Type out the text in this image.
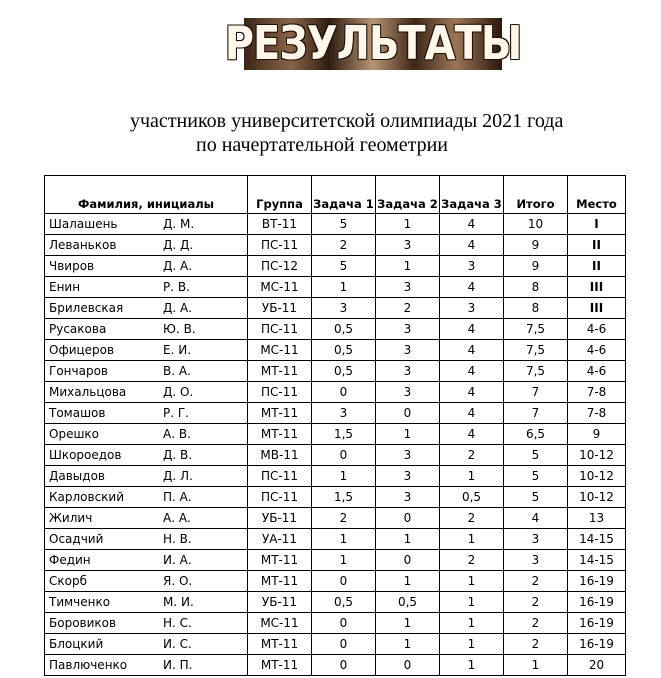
РЕЗУЛЬТАТЫ
участников университетской олимпиады 2021 года
по начертательной геометрии
Фамилия, инициалы	Группа	Задача 1	Задача 2	Задача 3	Итого	Место

Шалашень Д. М.	ВТ-11	5	1	4	10	I

Леваньков Д. Д.	ПС-11	2	3	4	9	II

Чвиров Д. А.	ПС-12	5	1	3	9	II

Енин Р. В.	МС-11	1	3	4	8	III

Брилевская Д. А.	УБ-11	3	2	3	8	III

Русакова Ю. В.	ПС-11	0,5	3	4	7,5	4-6

Офицеров Е. И.	МС-11	0,5	3	4	7,5	4-6

Гончаров В. А.	МТ-11	0,5	3	4	7,5	4-6

Михальцова Д. О.	ПС-11	0	3	4	7	7-8

Томашов Р. Г.	МТ-11	3	0	4	7	7-8

Орешко А. В.	МТ-11	1,5	1	4	6,5	9

Шкороедов Д. В.	МВ-11	0	3	2	5	10-12

Давыдов Д. Л.	ПС-11	1	3	1	5	10-12

Карловский П. А.	ПС-11	1,5	3	0,5	5	10-12

Жилич А. А.	УБ-11	2	0	2	4	13

Осадчий Н. В.	УА-11	1	1	1	3	14-15

Федин И. А.	МТ-11	1	0	2	3	14-15

Скорб Я. О.	МТ-11	0	1	1	2	16-19

Тимченко М. И.	УБ-11	0,5	0,5	1	2	16-19

Боровиков Н. С.	МС-11	0	1	1	2	16-19

Блоцкий И. С.	МТ-11	0	1	1	2	16-19

Павлюченко И. П.	МТ-11	0	0	1	1	20
